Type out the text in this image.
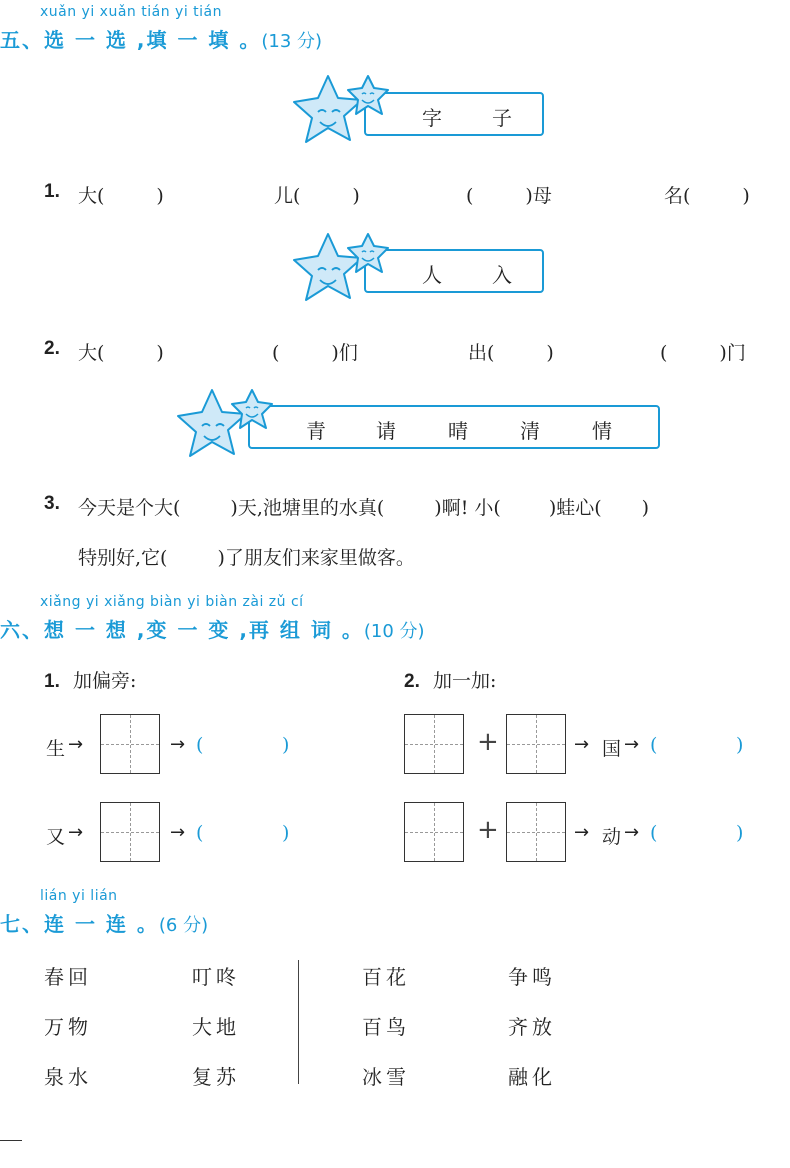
xuǎn yi xuǎn tián yi tián
五、选 一 选 ,填 一 填 。(13 分)
字	子
1. 大(	)	儿(	)	(	)母	名(	)
人	入
2. 大(	)	(	)们	出(	)	(	)门
青	请	晴	清	情
3. 今天是个大(	)天,池塘里的水真(	)啊! 小(	)蛙心( )
特别好,它(	)了朋友们来家里做客。
xiǎng yi xiǎng biàn yi biàn zài zǔ cí
六、想 一 想 ,变 一 变 ,再 组 词 。(10 分)
1. 加偏旁:	2. 加一加:
生 →	→ (	)
又 →	→ (	)
+	→ 国 → (	)
+	→ 动 → (	)
lián yi lián
七、连 一 连 。(6 分)
春回
万物
泉水
叮咚
大地
复苏
百花
百鸟
冰雪
争鸣
齐放
融化
